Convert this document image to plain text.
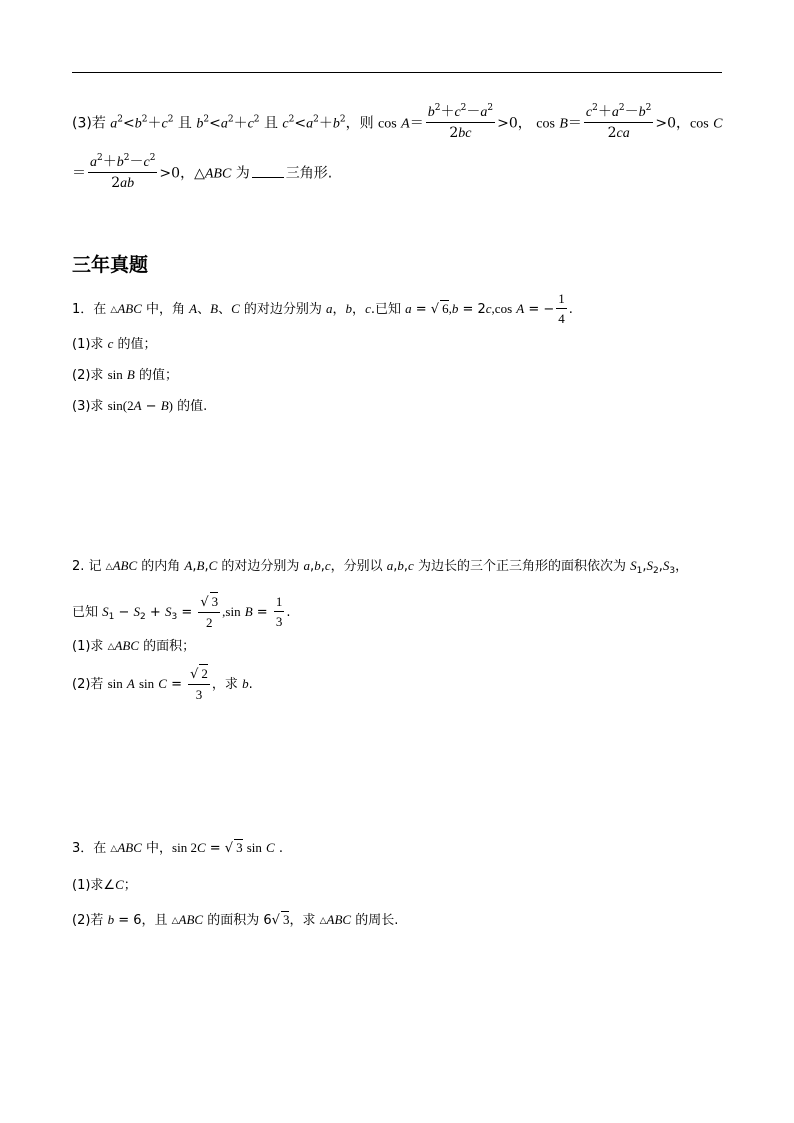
(3)若 $a^2<b^2+c^2$ 且 $b^2<a^2+c^2$ 且 $c^2<a^2+b^2$，则 $\cos A= \frac{b^2+c^2-a^2}{2bc} >0$， $\cos B= \frac{c^2+a^2-b^2}{2ca} >0$，cos C
＝ $\frac{a^2+b^2-c^2}{2ab} >0$，△ABC 为	三角形.
三年真题
1．在 △ABC 中，角 A、B、C 的对边分别为 a，b，c.已知 a = √ 6,b = 2c,cos A = − $\frac{1}{4}$ .
(1)求 c 的值；
(2)求 sin B 的值；
(3)求 sin(2A − B) 的值.
2. 记 △ABC 的内角 A,B,C 的对边分别为 a,b,c，分别以 a,b,c 为边长的三个正三角形的面积依次为 $S_1,S_2,S_3$，
已知 $S_1 - S_2 + S_3 = \frac{√ 3}{2} ,\sin$ $B = \frac{1}{3}$ .
(1)求 △ABC 的面积；
(2)若 sin A $\sin C = \frac{√ 2}{3}$ ，求 b.
3．在 △ABC 中，sin 2C = √ 3 sin C .
(1)求∠C；
(2)若 b = 6，且 △ABC 的面积为 6√ 3，求 △ABC 的周长.
